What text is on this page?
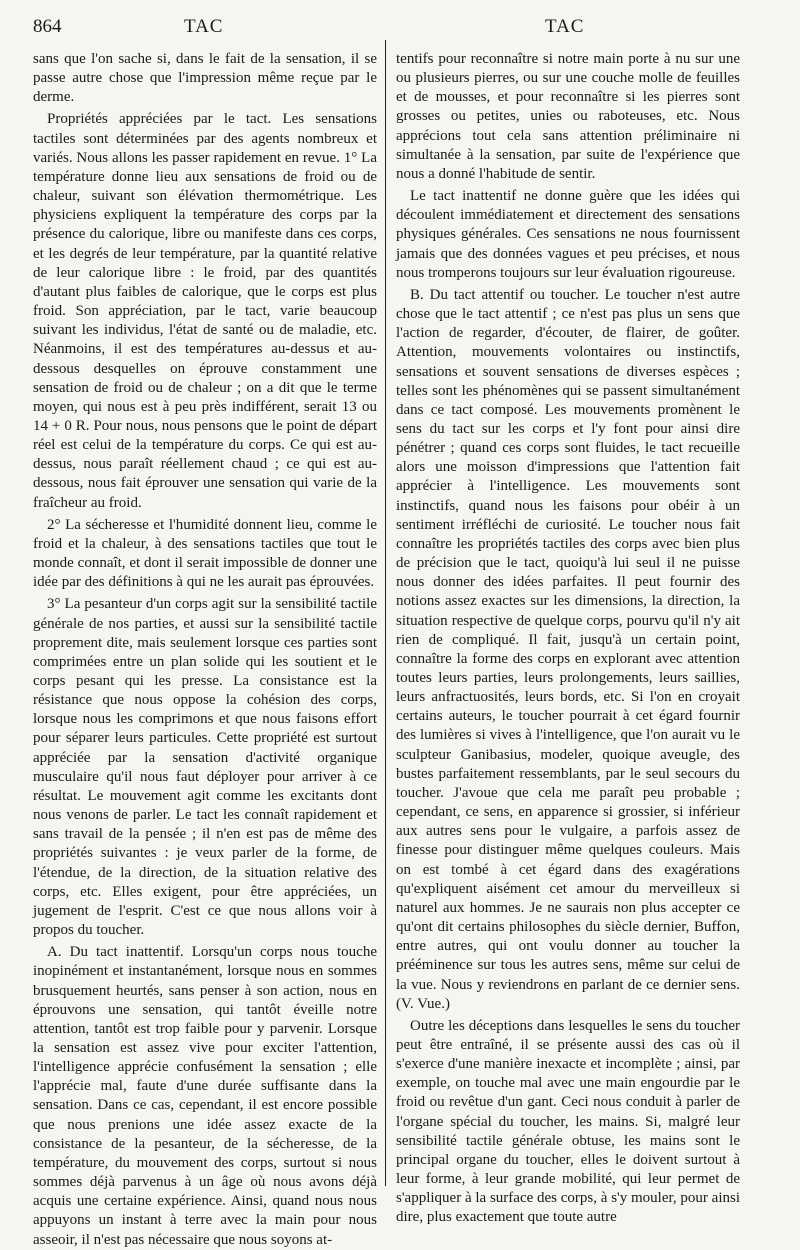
864	TAC	TAC

sans que l'on sache si, dans le fait de la sensation, il se passe autre chose que l'impression même reçue par le derme.

Propriétés appréciées par le tact. Les sensations tactiles sont déterminées par des agents nombreux et variés. Nous allons les passer rapidement en revue. 1° La température donne lieu aux sensations de froid ou de chaleur, suivant son élévation thermométrique. Les physiciens expliquent la température des corps par la présence du calorique, libre ou manifeste dans ces corps, et les degrés de leur température, par la quantité relative de leur calorique libre : le froid, par des quantités d'autant plus faibles de calorique, que le corps est plus froid. Son appréciation, par le tact, varie beaucoup suivant les individus, l'état de santé ou de maladie, etc. Néanmoins, il est des températures au-dessus et au-dessous desquelles on éprouve constamment une sensation de froid ou de chaleur ; on a dit que le terme moyen, qui nous est à peu près indifférent, serait 13 ou 14 + 0 R. Pour nous, nous pensons que le point de départ réel est celui de la température du corps. Ce qui est au-dessus, nous paraît réellement chaud ; ce qui est au-dessous, nous fait éprouver une sensation qui varie de la fraîcheur au froid.

2° La sécheresse et l'humidité donnent lieu, comme le froid et la chaleur, à des sensations tactiles que tout le monde connaît, et dont il serait impossible de donner une idée par des définitions à qui ne les aurait pas éprouvées.

3° La pesanteur d'un corps agit sur la sensibilité tactile générale de nos parties, et aussi sur la sensibilité tactile proprement dite, mais seulement lorsque ces parties sont comprimées entre un plan solide qui les soutient et le corps pesant qui les presse. La consistance est la résistance que nous oppose la cohésion des corps, lorsque nous les comprimons et que nous faisons effort pour séparer leurs particules. Cette propriété est surtout appréciée par la sensation d'activité organique musculaire qu'il nous faut déployer pour arriver à ce résultat. Le mouvement agit comme les excitants dont nous venons de parler. Le tact les connaît rapidement et sans travail de la pensée ; il n'en est pas de même des propriétés suivantes : je veux parler de la forme, de l'étendue, de la direction, de la situation relative des corps, etc. Elles exigent, pour être appréciées, un jugement de l'esprit. C'est ce que nous allons voir à propos du toucher.

A. Du tact inattentif. Lorsqu'un corps nous touche inopinément et instantanément, lorsque nous en sommes brusquement heurtés, sans penser à son action, nous en éprouvons une sensation, qui tantôt éveille notre attention, tantôt est trop faible pour y parvenir. Lorsque la sensation est assez vive pour exciter l'attention, l'intelligence apprécie confusément la sensation ; elle l'apprécie mal, faute d'une durée suffisante dans la sensation. Dans ce cas, cependant, il est encore possible que nous prenions une idée assez exacte de la consistance de la pesanteur, de la sécheresse, de la température, du mouvement des corps, surtout si nous sommes déjà parvenus à un âge où nous avons déjà acquis une certaine expérience. Ainsi, quand nous nous appuyons un instant à terre avec la main pour nous asseoir, il n'est pas nécessaire que nous soyons at-

tentifs pour reconnaître si notre main porte à nu sur une ou plusieurs pierres, ou sur une couche molle de feuilles et de mousses, et pour reconnaître si les pierres sont grosses ou petites, unies ou raboteuses, etc. Nous apprécions tout cela sans attention préliminaire ni simultanée à la sensation, par suite de l'expérience que nous a donné l'habitude de sentir.

Le tact inattentif ne donne guère que les idées qui découlent immédiatement et directement des sensations physiques générales. Ces sensations ne nous fournissent jamais que des données vagues et peu précises, et nous nous tromperons toujours sur leur évaluation rigoureuse.

B. Du tact attentif ou toucher. Le toucher n'est autre chose que le tact attentif ; ce n'est pas plus un sens que l'action de regarder, d'écouter, de flairer, de goûter. Attention, mouvements volontaires ou instinctifs, sensations et souvent sensations de diverses espèces ; telles sont les phénomènes qui se passent simultanément dans ce tact composé. Les mouvements promènent le sens du tact sur les corps et l'y font pour ainsi dire pénétrer ; quand ces corps sont fluides, le tact recueille alors une moisson d'impressions que l'attention fait apprécier à l'intelligence. Les mouvements sont instinctifs, quand nous les faisons pour obéir à un sentiment irréfléchi de curiosité. Le toucher nous fait connaître les propriétés tactiles des corps avec bien plus de précision que le tact, quoiqu'à lui seul il ne puisse nous donner des idées parfaites. Il peut fournir des notions assez exactes sur les dimensions, la direction, la situation respective de quelque corps, pourvu qu'il n'y ait rien de compliqué. Il fait, jusqu'à un certain point, connaître la forme des corps en explorant avec attention toutes leurs parties, leurs prolongements, leurs saillies, leurs anfractuosités, leurs bords, etc. Si l'on en croyait certains auteurs, le toucher pourrait à cet égard fournir des lumières si vives à l'intelligence, que l'on aurait vu le sculpteur Ganibasius, modeler, quoique aveugle, des bustes parfaitement ressemblants, par le seul secours du toucher. J'avoue que cela me paraît peu probable ; cependant, ce sens, en apparence si grossier, si inférieur aux autres sens pour le vulgaire, a parfois assez de finesse pour distinguer même quelques couleurs. Mais on est tombé à cet égard dans des exagérations qu'expliquent aisément cet amour du merveilleux si naturel aux hommes. Je ne saurais non plus accepter ce qu'ont dit certains philosophes du siècle dernier, Buffon, entre autres, qui ont voulu donner au toucher la prééminence sur tous les autres sens, même sur celui de la vue. Nous y reviendrons en parlant de ce dernier sens. (V. Vue.)

Outre les déceptions dans lesquelles le sens du toucher peut être entraîné, il se présente aussi des cas où il s'exerce d'une manière inexacte et incomplète ; ainsi, par exemple, on touche mal avec une main engourdie par le froid ou revêtue d'un gant. Ceci nous conduit à parler de l'organe spécial du toucher, les mains. Si, malgré leur sensibilité tactile générale obtuse, les mains sont le principal organe du toucher, elles le doivent surtout à leur forme, à leur grande mobilité, qui leur permet de s'appliquer à la surface des corps, à s'y mouler, pour ainsi dire, plus exactement que toute autre
